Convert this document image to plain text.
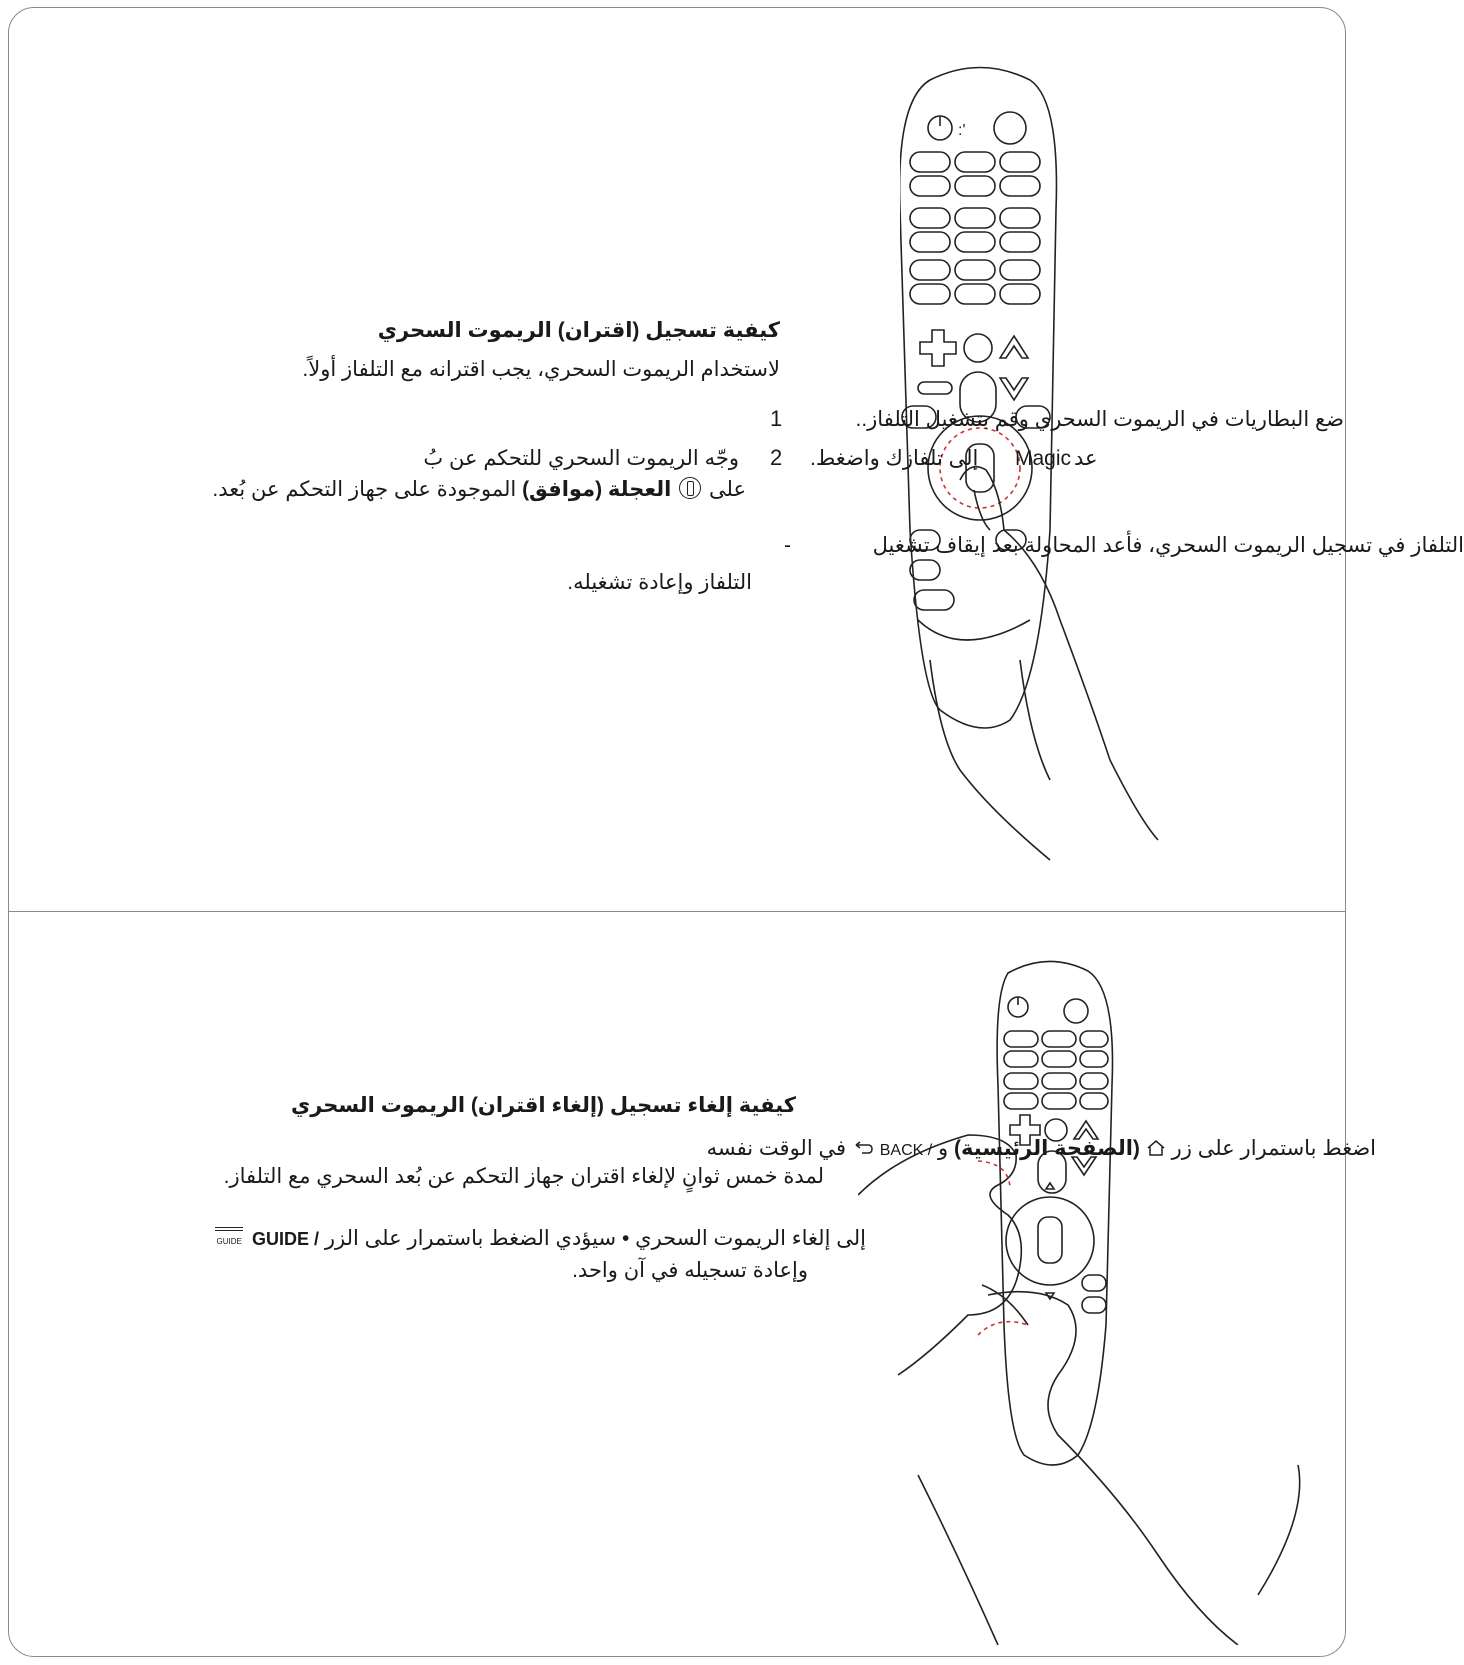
:'
كيفية تسجيل (اقتران) الريموت السحري
لاستخدام الريموت السحري، يجب اقترانه مع التلفاز أولاً.
ضع البطاريات في الريموت السحري وقم بتشغيل التلفاز..
1
وجّه الريموت السحري للتحكم عن بُ 2 إلى تلفازك واضغط. Magic عد
على
العجلة (موافق) الموجودة على جهاز التحكم عن بُعد.
التلفاز في تسجيل الريموت السحري، فأعد المحاولة بعد إيقاف تشغيل
-
التلفاز وإعادة تشغيله.
كيفية إلغاء تسجيل (إلغاء اقتران) الريموت السحري
اضغط باستمرار على زر  (الصفحة الرئيسية) و BACK /  في الوقت نفسه
لمدة خمس ثوانٍ لإلغاء اقتران جهاز التحكم عن بُعد السحري مع التلفاز.
إلى إلغاء الريموت السحري • سيؤدي الضغط باستمرار على الزر GUIDE /
GUIDE
وإعادة تسجيله في آن واحد.
